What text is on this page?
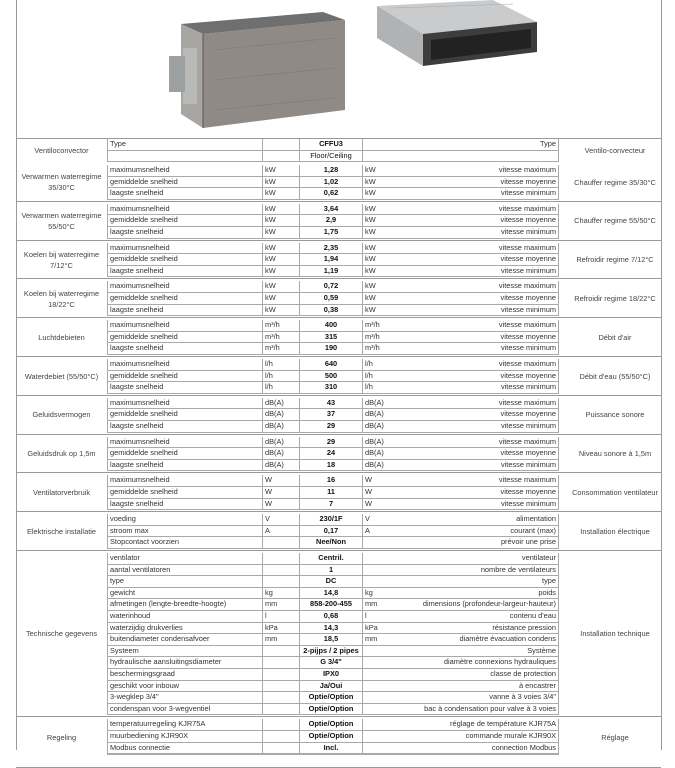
Ventiloconvector	Type		CFFU3		Type	Ventilo-convecteur
			Floor/Ceiling			
Verwarmen waterregime 35/30°C	maximumsnelheid	kW	1,28	kW	vitesse maximum	Chauffer regime 35/30°C
	gemiddelde snelheid	kW	1,02	kW	vitesse moyenne	
	laagste snelheid	kW	0,62	kW	vitesse minimum	
Verwarmen waterregime 55/50°C	maximumsnelheid	kW	3,64	kW	vitesse maximum	Chauffer regime 55/50°C
	gemiddelde snelheid	kW	2,9	kW	vitesse moyenne	
	laagste snelheid	kW	1,75	kW	vitesse minimum	
Koelen bij waterregime 7/12°C	maximumsnelheid	kW	2,35	kW	vitesse maximum	Refroidir regime 7/12°C
	gemiddelde snelheid	kW	1,94	kW	vitesse moyenne	
	laagste snelheid	kW	1,19	kW	vitesse minimum	
Koelen bij waterregime 18/22°C	maximumsnelheid	kW	0,72	kW	vitesse maximum	Refroidir regime 18/22°C
	gemiddelde snelheid	kW	0,59	kW	vitesse moyenne	
	laagste snelheid	kW	0,38	kW	vitesse minimum	
Luchtdebieten	maximumsnelheid	m³/h	400	m³/h	vitesse maximum	Débit d'air
	gemiddelde snelheid	m³/h	315	m³/h	vitesse moyenne	
	laagste snelheid	m³/h	190	m³/h	vitesse minimum	
Waterdebiet (55/50°C)	maximumsnelheid	l/h	640	l/h	vitesse maximum	Débit d'eau (55/50°C)
	gemiddelde snelheid	l/h	500	l/h	vitesse moyenne	
	laagste snelheid	l/h	310	l/h	vitesse minimum	
Geluidsvermogen	maximumsnelheid	dB(A)	43	dB(A)	vitesse maximum	Puissance sonore
	gemiddelde snelheid	dB(A)	37	dB(A)	vitesse moyenne	
	laagste snelheid	dB(A)	29	dB(A)	vitesse minimum	
Geluidsdruk op 1,5m	maximumsnelheid	dB(A)	29	dB(A)	vitesse maximum	Niveau sonore à 1,5m
	gemiddelde snelheid	dB(A)	24	dB(A)	vitesse moyenne	
	laagste snelheid	dB(A)	18	dB(A)	vitesse minimum	
Ventilatorverbruik	maximumsnelheid	W	16	W	vitesse maximum	Consommation ventilateur
	gemiddelde snelheid	W	11	W	vitesse moyenne	
	laagste snelheid	W	7	W	vitesse minimum	
Elektrische installatie	voeding	V	230/1F	V	alimentation	Installation électrique
	stroom max	A	0,17	A	courant (max)	
	Stopcontact voorzien		Nee/Non		prévoir une prise	
Technische gegevens	ventilator		Centril.		ventilateur	Installation technique
	aantal ventilatoren		1		nombre de ventilateurs	
	type		DC		type	
	gewicht	kg	14,8	kg	poids	
	afmetingen (lengte-breedte-hoogte)	mm	858-200-455	mm	dimensions (profondeur-largeur-hauteur)	
	waterinhoud	l	0,68	l	contenu d'eau	
	waterzijdig drukverlies	kPa	14,3	kPa	résistance pression	
	buitendiameter condensafvoer	mm	18,5	mm	diamètre évacuation condens	
	Systeem		2-pijps / 2 pipes		Système	
	hydraulische aansluitingsdiameter		G 3/4"		diamètre connexions hydrauliques	
	beschermingsgraad		IPX0		classe de protection	
	geschikt voor inbouw		Ja/Oui		à encastrer	
	3-wegklep 3/4"		Optie/Option		vanne à 3 voies 3/4"	
	condenspan voor 3-wegventiel		Optie/Option		bac à condensation pour valve à 3 voies	
Regeling	temperatuurregeling KJR75A		Optie/Option		réglage de température KJR75A	Réglage
	muurbediening KJR90X		Optie/Option		commande murale KJR90X	
	Modbus connectie		Incl.		connection Modbus	
